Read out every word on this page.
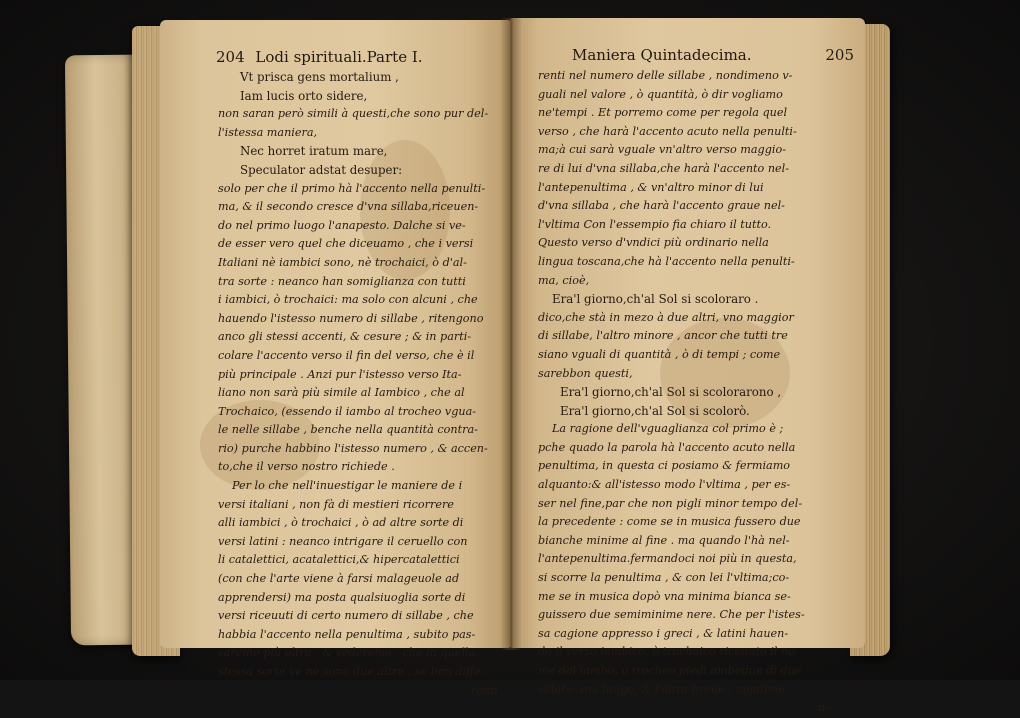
204 Lodi spirituali.Parte I.
Vt prisca gens mortalium ,
Iam lucis orto sidere,
non saran però simili à questi,che sono pur del-
l'istessa maniera,
Nec horret iratum mare,
Speculator adstat desuper:
solo per che il primo hà l'accento nella penulti-
ma, & il secondo cresce d'vna sillaba,riceuen-
do nel primo luogo l'anapesto. Dalche si ve-
de esser vero quel che diceuamo , che i versi
Italiani nè iambici sono, nè trochaici, ò d'al-
tra sorte : neanco han somiglianza con tutti
i iambici, ò trochaici: ma solo con alcuni , che
hauendo l'istesso numero di sillabe , ritengono
anco gli stessi accenti, & cesure ; & in parti-
colare l'accento verso il fin del verso, che è il
più principale . Anzi pur l'istesso verso Ita-
liano non sarà più simile al Iambico , che al
Trochaico, (essendo il iambo al trocheo vgua-
le nelle sillabe , benche nella quantità contra-
rio) purche habbino l'istesso numero , & accen-
to,che il verso nostro richiede .
Per lo che nell'inuestigar le maniere de i
versi italiani , non fà di mestieri ricorrere
alli iambici , ò trochaici , ò ad altre sorte di
versi latini : neanco intrigare il ceruello con
li catalettici, acatalettici,& hipercatalettici
(con che l'arte viene à farsi malageuole ad
apprendersi) ma posta qualsiuoglia sorte di
versi riceuuti di certo numero di sillabe , che
habbia l'accento nella penultima , subito pas-
saremo più oltre , & vederemo , che in quella
stessa sorte ve ne sono due altre , se ben diffe-
renti
Maniera Quintadecima.	205
renti nel numero delle sillabe , nondimeno v-
guali nel valore , ò quantità, ò dir vogliamo
ne'tempi . Et porremo come per regola quel
verso , che harà l'accento acuto nella penulti-
ma;à cui sarà vguale vn'altro verso maggio-
re di lui d'vna sillaba,che harà l'accento nel-
l'antepenultima , & vn'altro minor di lui
d'vna sillaba , che harà l'accento graue nel-
l'vltima Con l'essempio fia chiaro il tutto.
Questo verso d'vndici più ordinario nella
lingua toscana,che hà l'accento nella penulti-
ma, cioè,
Era'l giorno,ch'al Sol si scoloraro .
dico,che stà in mezo à due altri, vno maggior
di sillabe, l'altro minore , ancor che tutti tre
siano vguali di quantità , ò di tempi ; come
sarebbon questi,
Era'l giorno,ch'al Sol si scolorarono ,
Era'l giorno,ch'al Sol si scolorò.
La ragione dell'vguaglianza col primo è ;
pche quado la parola hà l'accento acuto nella
penultima, in questa ci posiamo & fermiamo
alquanto:& all'istesso modo l'vltima , per es-
ser nel fine,par che non pigli minor tempo del-
la precedente : come se in musica fussero due
bianche minime al fine . ma quando l'hà nel-
l'antepenultima.fermandoci noi più in questa,
si scorre la penultima , & con lei l'vltima;co-
me se in musica dopò vna minima bianca se-
guissero due semiminime nere. Che per l'istes-
sa cagione appresso i greci , & latini hauen-
do il verso iambico, ò trochaico riceuuto il no-
me dal iambo, ò trocheo,piedi ambedue di due
sillabe,vna lunga, & l'altra breue ; nondime
no
